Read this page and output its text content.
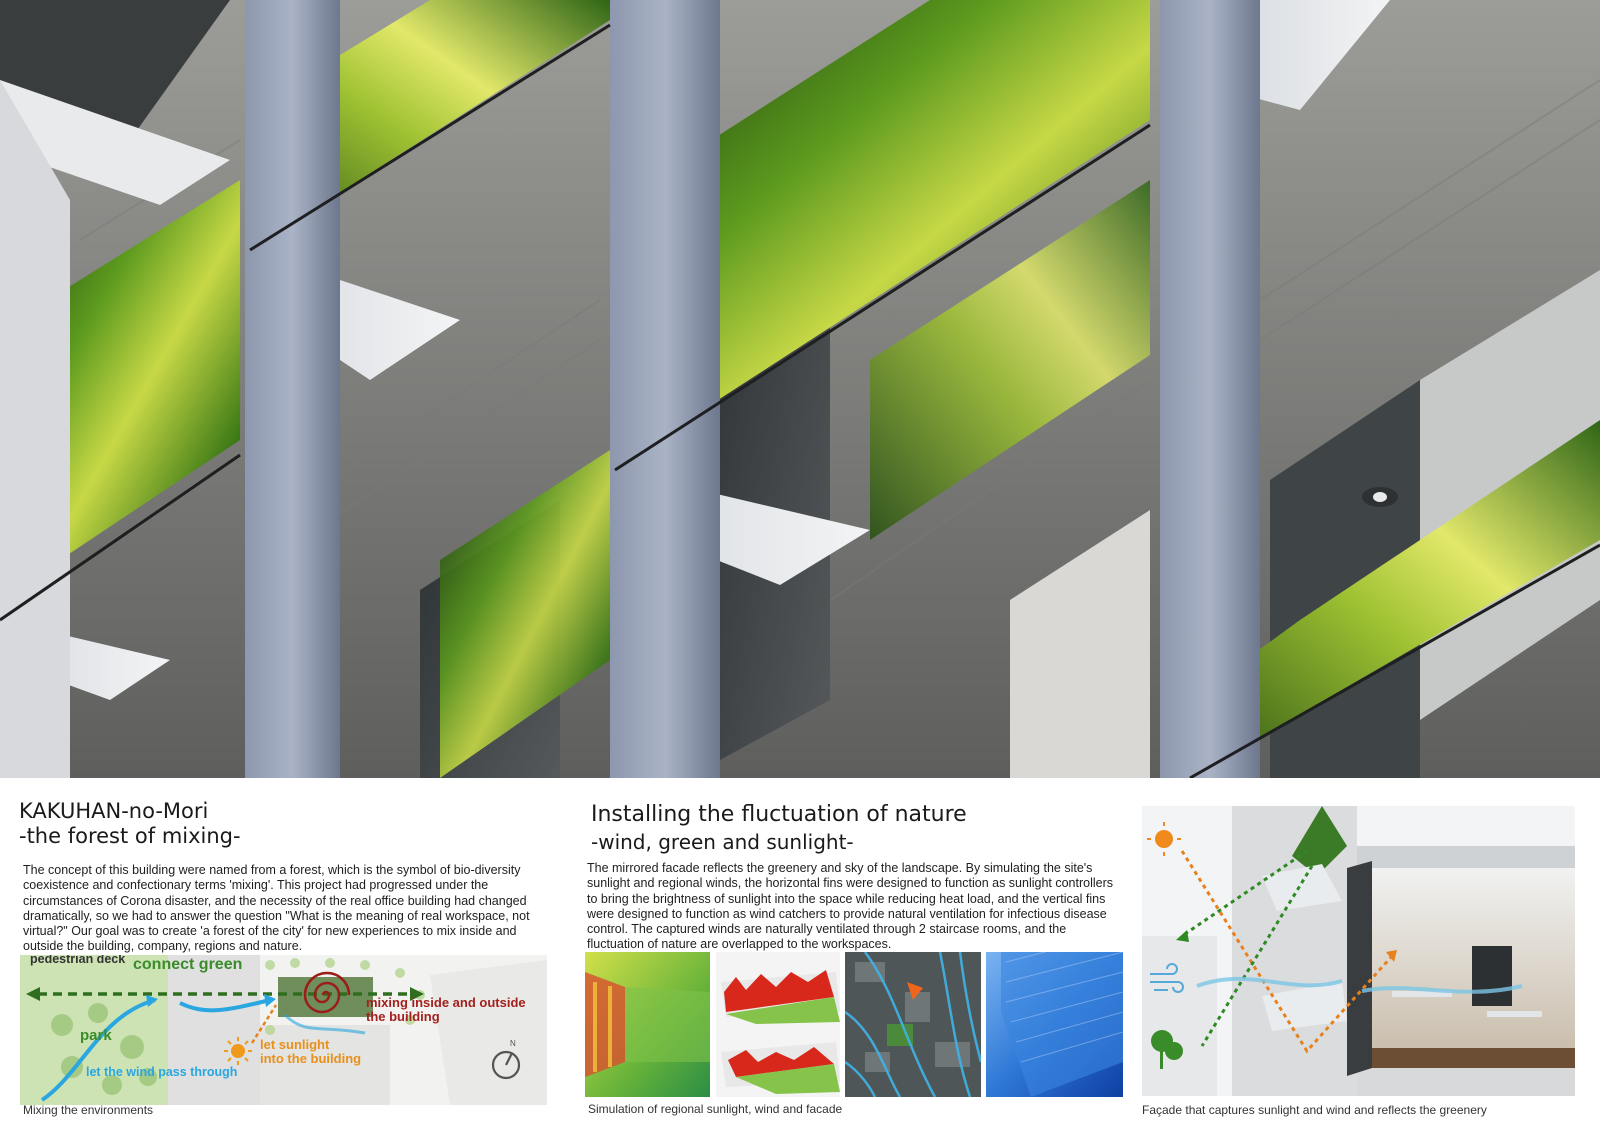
KAKUHAN-no-Mori
-the forest of mixing-
The concept of this building were named from a forest, which is the symbol of bio-diversity coexistence and confectionary terms 'mixing'. This project had progressed under the circumstances of Corona disaster, and the necessity of the real office building had changed dramatically, so we had to answer the question "What is the meaning of real workspace, not virtual?" Our goal was to create 'a forest of the city' for new experiences to mix inside and outside the building, company, regions and nature.
N
pedestrian deck connect green
park
mixing inside and outside
the building
let sunlight
into the building
let the wind pass through
Mixing the environments
Installing the fluctuation of nature
-wind, green and sunlight-
The mirrored facade reflects the greenery and sky of the landscape. By simulating the site's sunlight and regional winds, the horizontal fins were designed to function as sunlight controllers to bring the brightness of sunlight into the space while reducing heat load, and the vertical fins were designed to function as wind catchers to provide natural ventilation for infectious disease control. The captured winds are naturally ventilated through 2 staircase rooms, and the fluctuation of nature are overlapped to the workspaces.
Simulation of regional sunlight, wind and facade	Façade that captures sunlight and wind and reflects the greenery
